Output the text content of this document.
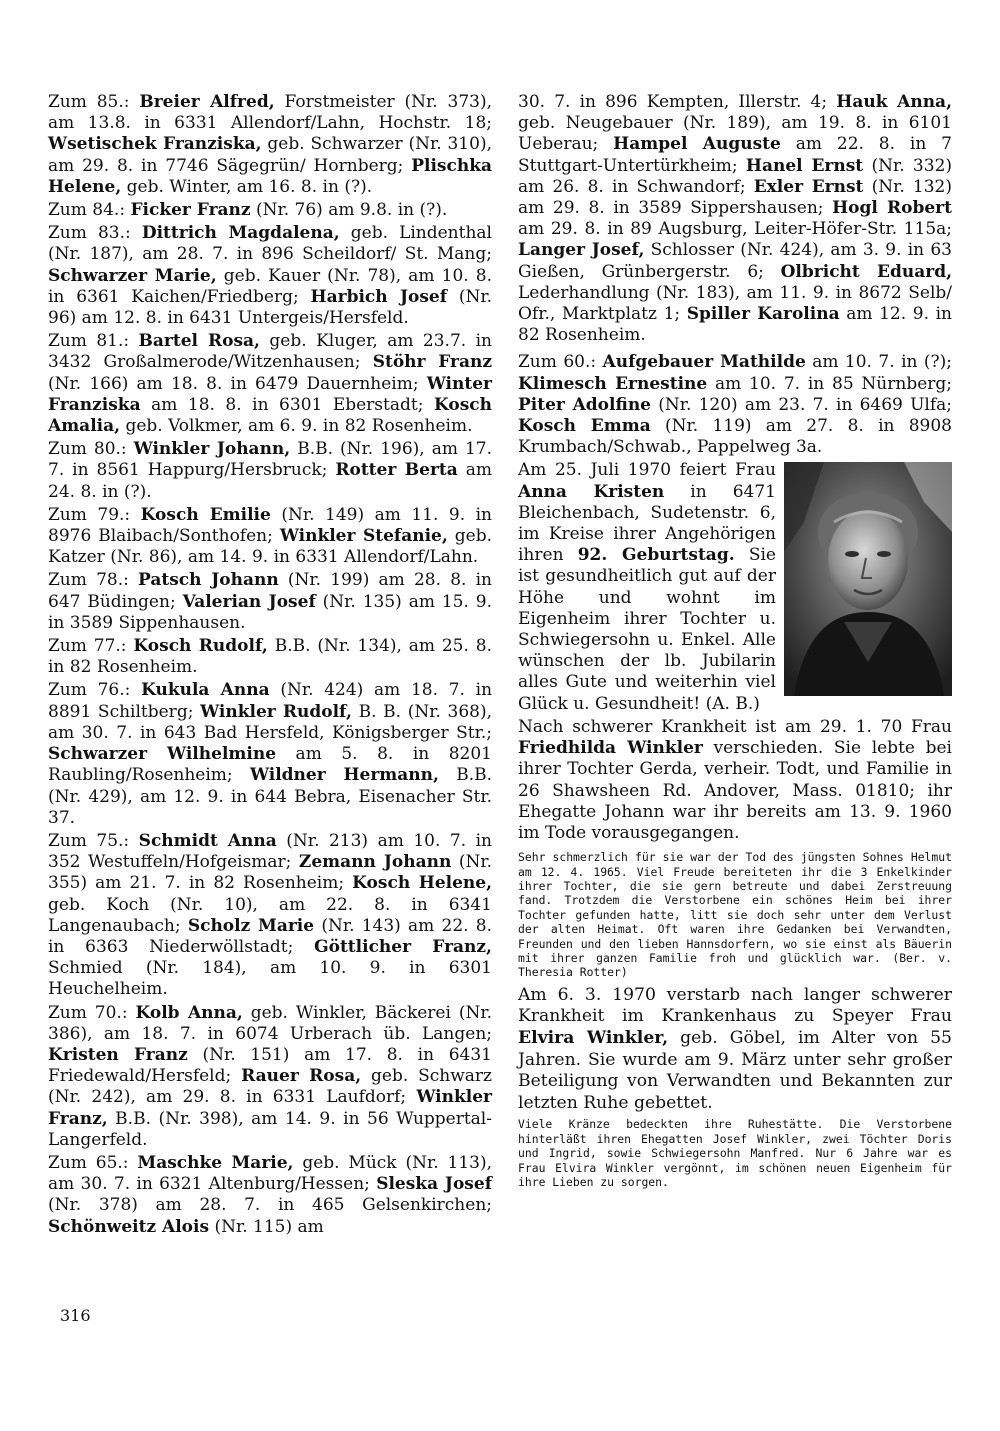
Zum 85.: Breier Alfred, Forstmeister (Nr. 373), am 13.8. in 6331 Allendorf/Lahn, Hochstr. 18; Wsetischek Franziska, geb. Schwarzer (Nr. 310), am 29. 8. in 7746 Sägegrün/ Hornberg; Plischka Helene, geb. Winter, am 16. 8. in (?).

Zum 84.: Ficker Franz (Nr. 76) am 9.8. in (?).

Zum 83.: Dittrich Magdalena, geb. Lindenthal (Nr. 187), am 28. 7. in 896 Scheildorf/ St. Mang; Schwarzer Marie, geb. Kauer (Nr. 78), am 10. 8. in 6361 Kaichen/Friedberg; Harbich Josef (Nr. 96) am 12. 8. in 6431 Untergeis/Hersfeld.

Zum 81.: Bartel Rosa, geb. Kluger, am 23.7. in 3432 Großalmerode/Witzenhausen; Stöhr Franz (Nr. 166) am 18. 8. in 6479 Dauernheim; Winter Franziska am 18. 8. in 6301 Eberstadt; Kosch Amalia, geb. Volkmer, am 6. 9. in 82 Rosenheim.

Zum 80.: Winkler Johann, B.B. (Nr. 196), am 17. 7. in 8561 Happurg/Hersbruck; Rotter Berta am 24. 8. in (?).

Zum 79.: Kosch Emilie (Nr. 149) am 11. 9. in 8976 Blaibach/Sonthofen; Winkler Stefanie, geb. Katzer (Nr. 86), am 14. 9. in 6331 Allendorf/Lahn.

Zum 78.: Patsch Johann (Nr. 199) am 28. 8. in 647 Büdingen; Valerian Josef (Nr. 135) am 15. 9. in 3589 Sippenhausen.

Zum 77.: Kosch Rudolf, B.B. (Nr. 134), am 25. 8. in 82 Rosenheim.

Zum 76.: Kukula Anna (Nr. 424) am 18. 7. in 8891 Schiltberg; Winkler Rudolf, B. B. (Nr. 368), am 30. 7. in 643 Bad Hersfeld, Königsberger Str.; Schwarzer Wilhelmine am 5. 8. in 8201 Raubling/Rosenheim; Wildner Hermann, B.B. (Nr. 429), am 12. 9. in 644 Bebra, Eisenacher Str. 37.

Zum 75.: Schmidt Anna (Nr. 213) am 10. 7. in 352 Westuffeln/Hofgeismar; Zemann Johann (Nr. 355) am 21. 7. in 82 Rosenheim; Kosch Helene, geb. Koch (Nr. 10), am 22. 8. in 6341 Langenaubach; Scholz Marie (Nr. 143) am 22. 8. in 6363 Niederwöllstadt; Göttlicher Franz, Schmied (Nr. 184), am 10. 9. in 6301 Heuchelheim.

Zum 70.: Kolb Anna, geb. Winkler, Bäckerei (Nr. 386), am 18. 7. in 6074 Urberach üb. Langen; Kristen Franz (Nr. 151) am 17. 8. in 6431 Friedewald/Hersfeld; Rauer Rosa, geb. Schwarz (Nr. 242), am 29. 8. in 6331 Laufdorf; Winkler Franz, B.B. (Nr. 398), am 14. 9. in 56 Wuppertal-Langerfeld.

Zum 65.: Maschke Marie, geb. Mück (Nr. 113), am 30. 7. in 6321 Altenburg/Hessen; Sleska Josef (Nr. 378) am 28. 7. in 465 Gelsenkirchen; Schönweitz Alois (Nr. 115) am

30. 7. in 896 Kempten, Illerstr. 4; Hauk Anna, geb. Neugebauer (Nr. 189), am 19. 8. in 6101 Ueberau; Hampel Auguste am 22. 8. in 7 Stuttgart-Untertürkheim; Hanel Ernst (Nr. 332) am 26. 8. in Schwandorf; Exler Ernst (Nr. 132) am 29. 8. in 3589 Sippershausen; Hogl Robert am 29. 8. in 89 Augsburg, Leiter-Höfer-Str. 115a; Langer Josef, Schlosser (Nr. 424), am 3. 9. in 63 Gießen, Grünbergerstr. 6; Olbricht Eduard, Lederhandlung (Nr. 183), am 11. 9. in 8672 Selb/ Ofr., Marktplatz 1; Spiller Karolina am 12. 9. in 82 Rosenheim.

Zum 60.: Aufgebauer Mathilde am 10. 7. in (?); Klimesch Ernestine am 10. 7. in 85 Nürnberg; Piter Adolfine (Nr. 120) am 23. 7. in 6469 Ulfa; Kosch Emma (Nr. 119) am 27. 8. in 8908 Krumbach/Schwab., Pappelweg 3a.

Am 25. Juli 1970 feiert Frau Anna Kristen in 6471 Bleichenbach, Sudetenstr. 6, im Kreise ihrer Angehörigen ihren 92. Geburtstag. Sie ist gesundheitlich gut auf der Höhe und wohnt im Eigenheim ihrer Tochter u. Schwiegersohn u. Enkel. Alle wünschen der lb. Jubilarin alles Gute und weiterhin viel Glück u. Gesundheit! (A. B.)

Nach schwerer Krankheit ist am 29. 1. 70 Frau Friedhilda Winkler verschieden. Sie lebte bei ihrer Tochter Gerda, verheir. Todt, und Familie in 26 Shawsheen Rd. Andover, Mass. 01810; ihr Ehegatte Johann war ihr bereits am 13. 9. 1960 im Tode vorausgegangen.

Sehr schmerzlich für sie war der Tod des jüngsten Sohnes Helmut am 12. 4. 1965. Viel Freude bereiteten ihr die 3 Enkelkinder ihrer Tochter, die sie gern betreute und dabei Zerstreuung fand. Trotzdem die Verstorbene ein schönes Heim bei ihrer Tochter gefunden hatte, litt sie doch sehr unter dem Verlust der alten Heimat. Oft waren ihre Gedanken bei Verwandten, Freunden und den lieben Hannsdorfern, wo sie einst als Bäuerin mit ihrer ganzen Familie froh und glücklich war. (Ber. v. Theresia Rotter)

Am 6. 3. 1970 verstarb nach langer schwerer Krankheit im Krankenhaus zu Speyer Frau Elvira Winkler, geb. Göbel, im Alter von 55 Jahren. Sie wurde am 9. März unter sehr großer Beteiligung von Verwandten und Bekannten zur letzten Ruhe gebettet.

Viele Kränze bedeckten ihre Ruhestätte. Die Verstorbene hinterläßt ihren Ehegatten Josef Winkler, zwei Töchter Doris und Ingrid, sowie Schwiegersohn Manfred. Nur 6 Jahre war es Frau Elvira Winkler vergönnt, im schönen neuen Eigenheim für ihre Lieben zu sorgen.

316
